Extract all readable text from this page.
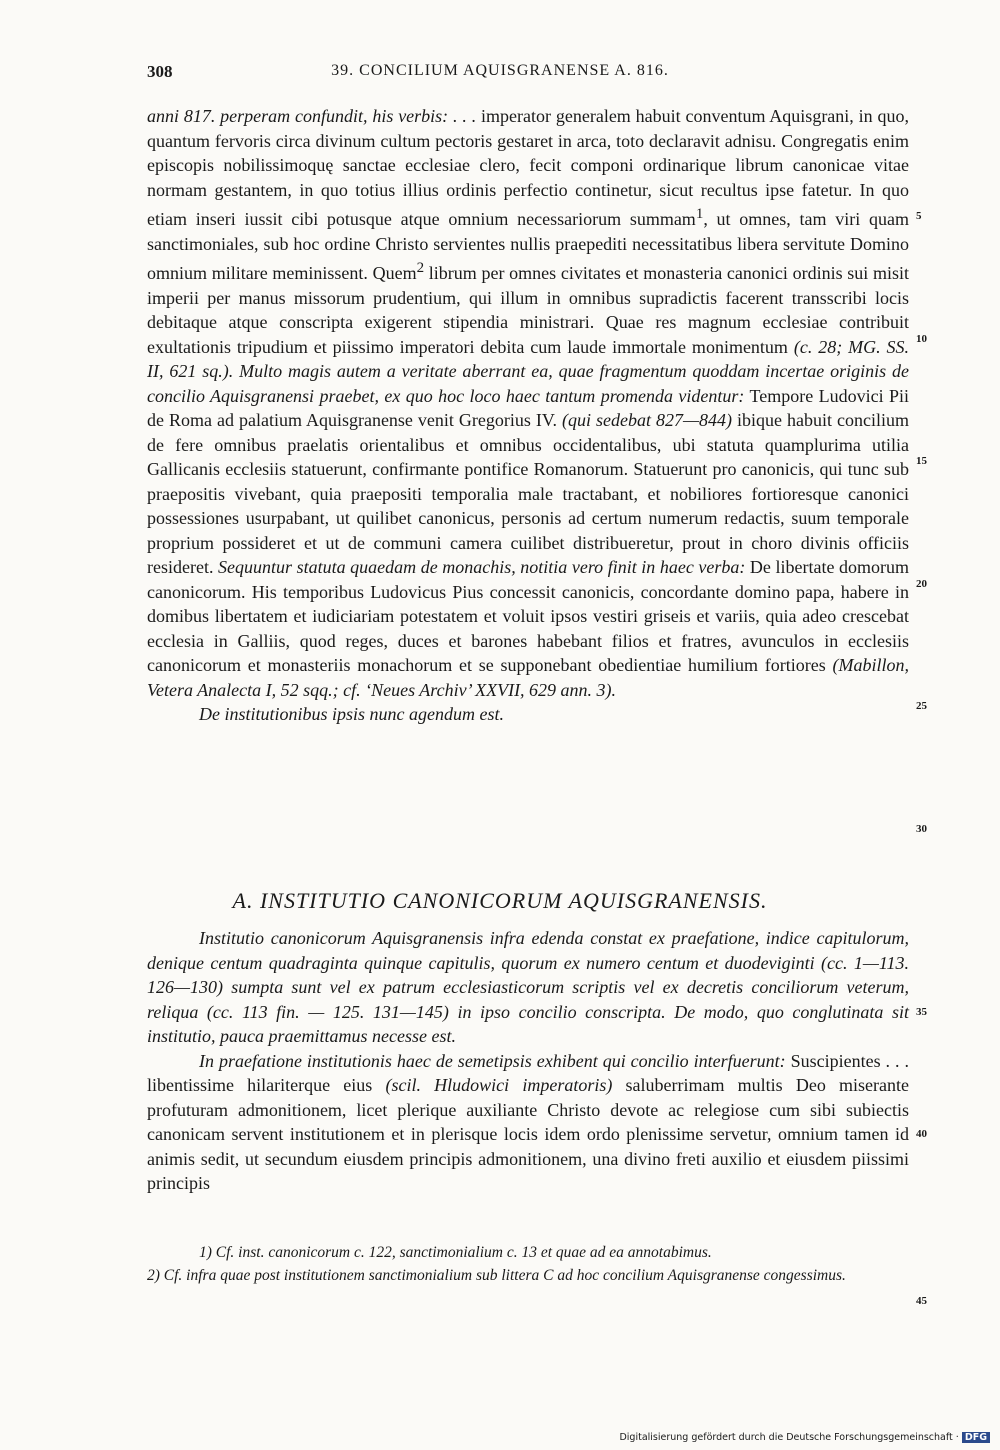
308	39. CONCILIUM AQUISGRANENSE A. 816.

anni 817. perperam confundit, his verbis: . . . imperator generalem habuit conventum Aquisgrani, in quo, quantum fervoris circa divinum cultum pectoris gestaret in arca, toto declaravit adnisu. Congregatis enim episcopis nobilissimoquę sanctae ecclesiae clero, fecit componi ordinarique librum canonicae vitae normam gestantem, in quo totius illius ordinis perfectio continetur, sicut recultus ipse fatetur. In quo etiam inseri iussit cibi potusque atque omnium necessariorum summam$^1$, ut omnes, tam viri quam sanctimoniales, sub hoc ordine Christo servientes nullis praepediti necessitatibus libera servitute Domino omnium militare meminissent. Quem$^2$ librum per omnes civitates et monasteria canonici ordinis sui misit imperii per manus missorum prudentium, qui illum in omnibus supradictis facerent transscribi locis debitaque atque conscripta exigerent stipendia ministrari. Quae res magnum ecclesiae contribuit exultationis tripudium et piissimo imperatori debita cum laude immortale monimentum (c. 28; MG. SS. II, 621 sq.). Multo magis autem a veritate aberrant ea, quae fragmentum quoddam incertae originis de concilio Aquisgranensi praebet, ex quo hoc loco haec tantum promenda videntur: Tempore Ludovici Pii de Roma ad palatium Aquisgranense venit Gregorius IV. (qui sedebat 827—844) ibique habuit concilium de fere omnibus praelatis orientalibus et omnibus occidentalibus, ubi statuta quamplurima utilia Gallicanis ecclesiis statuerunt, confirmante pontifice Romanorum. Statuerunt pro canonicis, qui tunc sub praepositis vivebant, quia praepositi temporalia male tractabant, et nobiliores fortioresque canonici possessiones usurpabant, ut quilibet canonicus, personis ad certum numerum redactis, suum temporale proprium possideret et ut de communi camera cuilibet distribueretur, prout in choro divinis officiis resideret. Sequuntur statuta quaedam de monachis, notitia vero finit in haec verba: De libertate domorum canonicorum. His temporibus Ludovicus Pius concessit canonicis, concordante domino papa, habere in domibus libertatem et iudiciariam potestatem et voluit ipsos vestiri griseis et variis, quia adeo crescebat ecclesia in Galliis, quod reges, duces et barones habebant filios et fratres, avunculos in ecclesiis canonicorum et monasteriis monachorum et se supponebant obedientiae humilium fortiores (Mabillon, Vetera Analecta I, 52 sqq.; cf. ‘Neues Archiv’ XXVII, 629 ann. 3).

De institutionibus ipsis nunc agendum est.

A. INSTITUTIO CANONICORUM AQUISGRANENSIS.

Institutio canonicorum Aquisgranensis infra edenda constat ex praefatione, indice capitulorum, denique centum quadraginta quinque capitulis, quorum ex numero centum et duodeviginti (cc. 1—113. 126—130) sumpta sunt vel ex patrum ecclesiasticorum scriptis vel ex decretis conciliorum veterum, reliqua (cc. 113 fin. — 125. 131—145) in ipso concilio conscripta. De modo, quo conglutinata sit institutio, pauca praemittamus necesse est.

In praefatione institutionis haec de semetipsis exhibent qui concilio interfuerunt: Suscipientes . . . libentissime hilariterque eius (scil. Hludowici imperatoris) saluberrimam multis Deo miserante profuturam admonitionem, licet plerique auxiliante Christo devote ac relegiose cum sibi subiectis canonicam servent institutionem et in plerisque locis idem ordo plenissime servetur, omnium tamen id animis sedit, ut secundum eiusdem principis admonitionem, una divino freti auxilio et eiusdem piissimi principis

5
10
15
20
25
30
35
40
45

1) Cf. inst. canonicorum c. 122, sanctimonialium c. 13 et quae ad ea annotabimus.

2) Cf. infra quae post institutionem sanctimonialium sub littera C ad hoc concilium Aquisgranense congessimus.

Digitalisierung gefördert durch die Deutsche Forschungsgemeinschaft · DFG
